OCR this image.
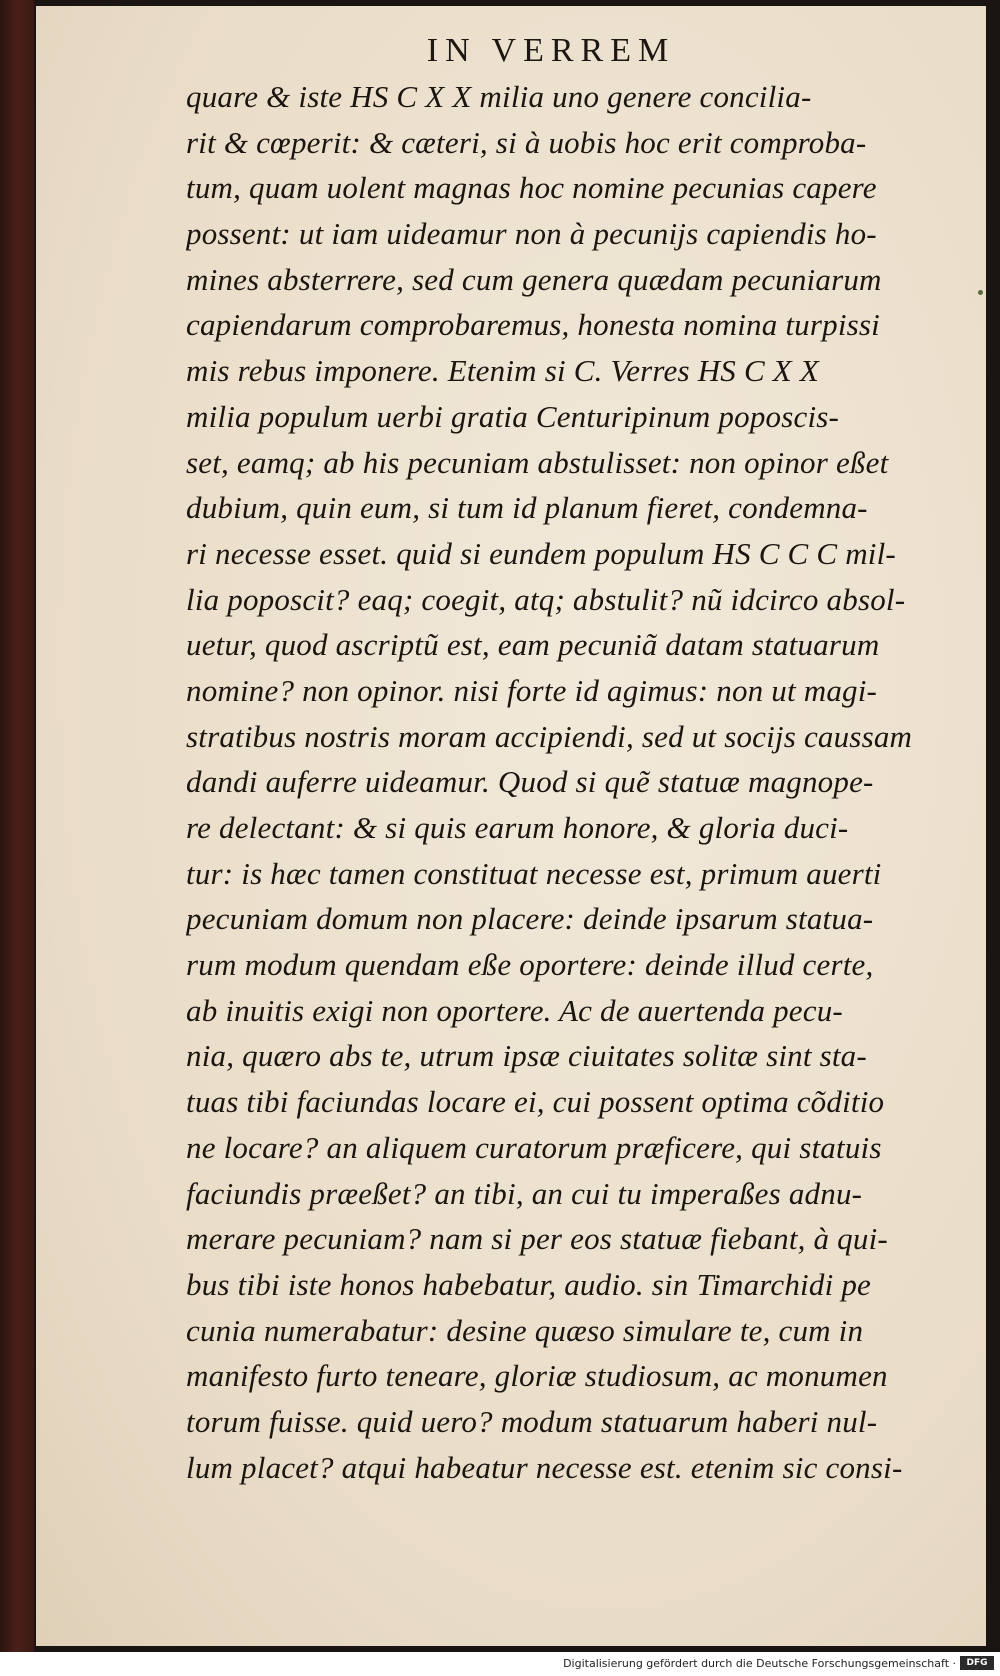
IN VERREM
quare & iste HS C X X milia uno genere concilia-
rit & cœperit: & cæteri, si à uobis hoc erit comproba-
tum, quam uolent magnas hoc nomine pecunias capere
possent: ut iam uideamur non à pecunijs capiendis ho-
mines absterrere, sed cum genera quædam pecuniarum
capiendarum comprobaremus, honesta nomina turpissi
mis rebus imponere. Etenim si C. Verres HS C X X
milia populum uerbi gratia Centuripinum poposcis-
set, eamq; ab his pecuniam abstulisset: non opinor eßet
dubium, quin eum, si tum id planum fieret, condemna-
ri necesse esset. quid si eundem populum HS C C C mil-
lia poposcit? eaq; coegit, atq; abstulit? nũ idcirco absol-
uetur, quod ascriptũ est, eam pecuniã datam statuarum
nomine? non opinor. nisi forte id agimus: non ut magi-
stratibus nostris moram accipiendi, sed ut socijs caussam
dandi auferre uideamur. Quod si quẽ statuæ magnope-
re delectant: & si quis earum honore, & gloria duci-
tur: is hæc tamen constituat necesse est, primum auerti
pecuniam domum non placere: deinde ipsarum statua-
rum modum quendam eße oportere: deinde illud certe,
ab inuitis exigi non oportere. Ac de auertenda pecu-
nia, quæro abs te, utrum ipsæ ciuitates solitæ sint sta-
tuas tibi faciundas locare ei, cui possent optima cõditio
ne locare? an aliquem curatorum præficere, qui statuis
faciundis præeßet? an tibi, an cui tu imperaßes adnu-
merare pecuniam? nam si per eos statuæ fiebant, à qui-
bus tibi iste honos habebatur, audio. sin Timarchidi pe
cunia numerabatur: desine quæso simulare te, cum in
manifesto furto teneare, gloriæ studiosum, ac monumen
torum fuisse. quid uero? modum statuarum haberi nul-
lum placet? atqui habeatur necesse est. etenim sic consi-
Digitalisierung gefördert durch die Deutsche Forschungsgemeinschaft ·	DFG
